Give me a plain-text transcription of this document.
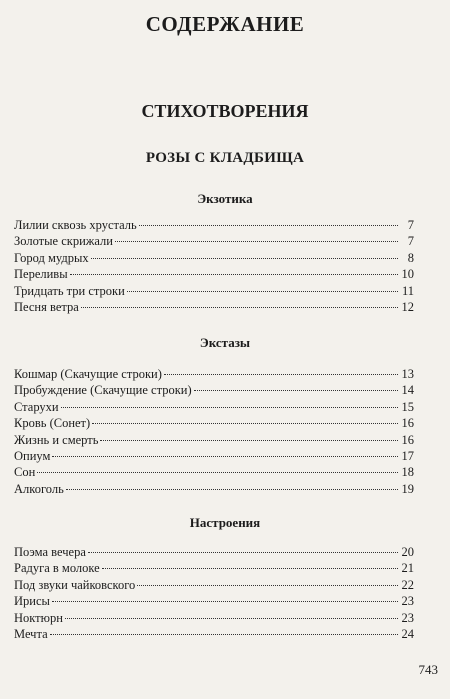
СОДЕРЖАНИЕ
СТИХОТВОРЕНИЯ
РОЗЫ С КЛАДБИЩА
Экзотика
Лилии сквозь хрусталь	7
Золотые скрижали	7
Город мудрых	8
Переливы	10
Тридцать три строки	11
Песня ветра	12
Экстазы
Кошмар (Скачущие строки)	13
Пробуждение (Скачущие строки)	14
Старухи	15
Кровь (Сонет)	16
Жизнь и смерть	16
Опиум	17
Сон	18
Алкоголь	19
Настроения
Поэма вечера	20
Радуга в молоке	21
Под звуки чайковского	22
Ирисы	23
Ноктюрн	23
Мечта	24
743
